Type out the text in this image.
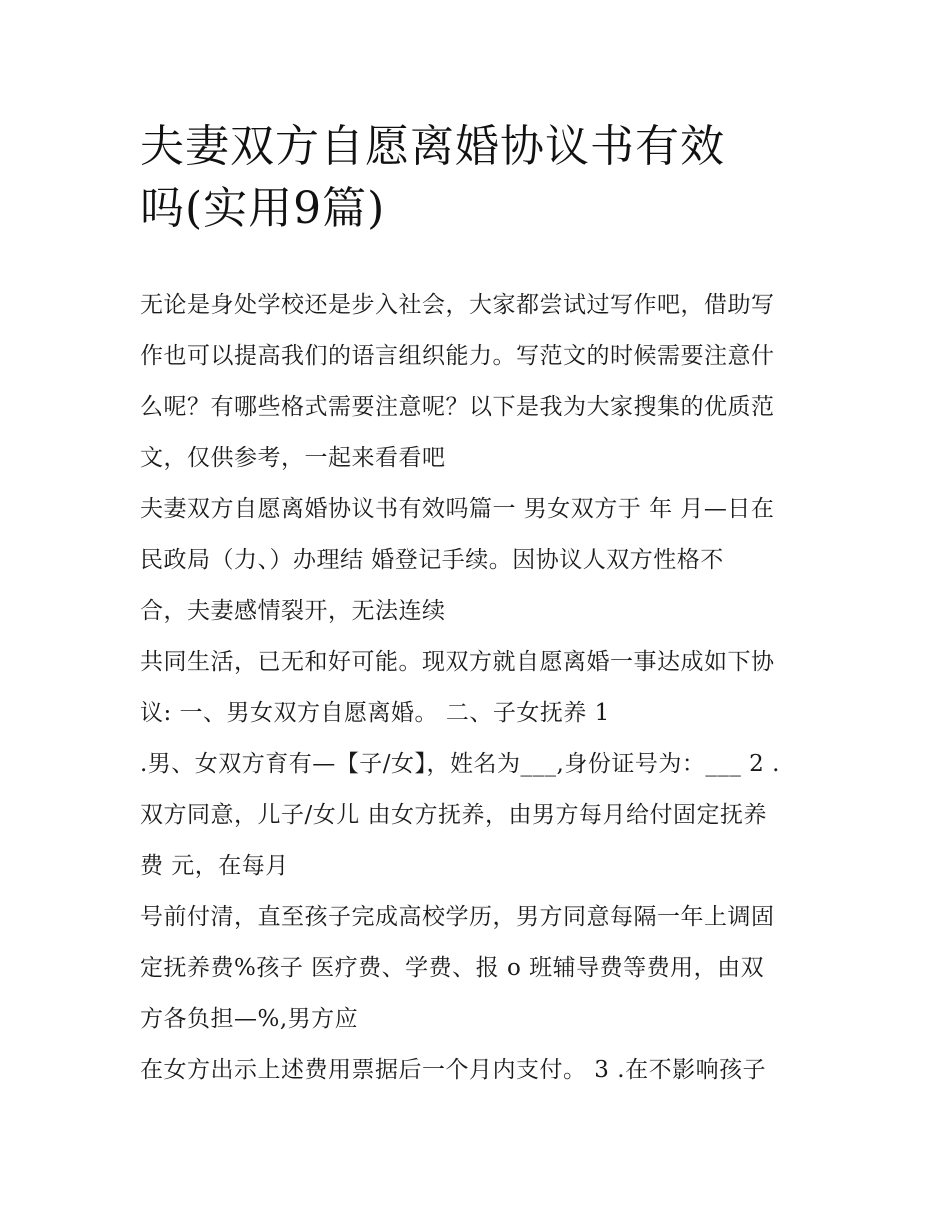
夫妻双方自愿离婚协议书有效
吗(实用9篇)
无论是身处学校还是步入社会，大家都尝试过写作吧，借助写
作也可以提高我们的语言组织能力。写范文的时候需要注意什
么呢？有哪些格式需要注意呢？以下是我为大家搜集的优质范
文，仅供参考，一起来看看吧
夫妻双方自愿离婚协议书有效吗篇一 男女双方于 年 月—日在
民政局（力、）办理结 婚登记手续。因协议人双方性格不
合，夫妻感情裂开，无法连续
共同生活，已无和好可能。现双方就自愿离婚一事达成如下协
议: 一、男女双方自愿离婚。 二、子女抚养 1
.男、女双方育有—【子/女】，姓名为___,身份证号为：___ 2 .
双方同意，儿子/女儿 由女方抚养，由男方每月给付固定抚养
费 元，在每月
号前付清，直至孩子完成高校学历，男方同意每隔一年上调固
定抚养费%孩子 医疗费、学费、报 o 班辅导费等费用，由双
方各负担—%,男方应
在女方出示上述费用票据后一个月内支付。 3 .在不影响孩子
